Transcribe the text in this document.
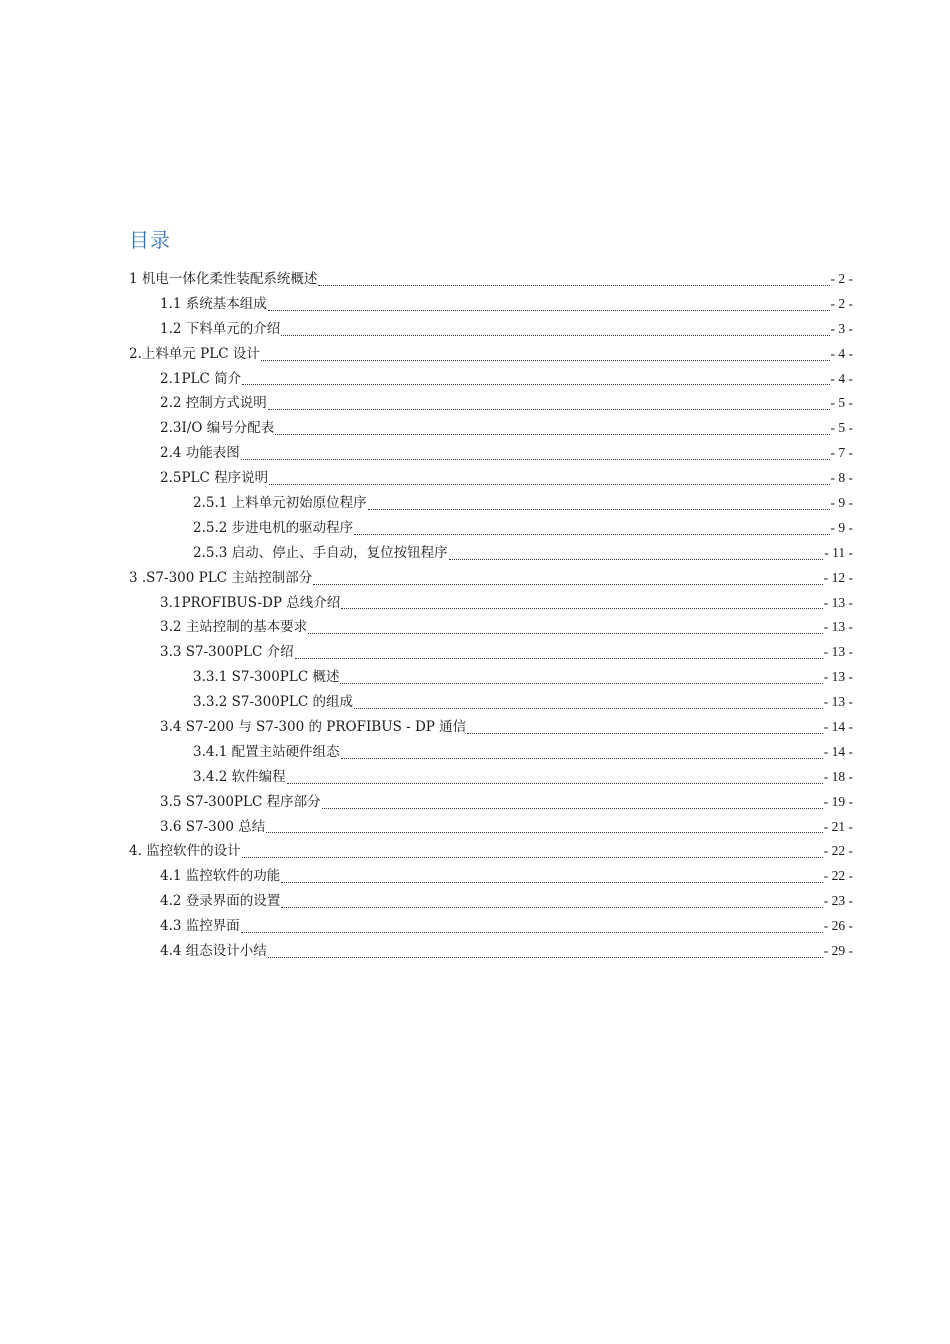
目录
1 机电一体化柔性装配系统概述	- 2 -
1.1 系统基本组成	- 2 -
1.2 下料单元的介绍	- 3 -
2.上料单元 PLC 设计	- 4 -
2.1PLC 简介	- 4 -
2.2 控制方式说明	- 5 -
2.3I/O 编号分配表	- 5 -
2.4 功能表图	- 7 -
2.5PLC 程序说明	- 8 -
2.5.1 上料单元初始原位程序	- 9 -
2.5.2 步进电机的驱动程序	- 9 -
2.5.3 启动、停止、手自动，复位按钮程序	- 11 -
3 .S7-300 PLC 主站控制部分	- 12 -
3.1PROFIBUS-DP 总线介绍	- 13 -
3.2 主站控制的基本要求	- 13 -
3.3 S7-300PLC 介绍	- 13 -
3.3.1 S7-300PLC 概述	- 13 -
3.3.2 S7-300PLC 的组成	- 13 -
3.4 S7-200 与 S7-300 的 PROFIBUS - DP 通信	- 14 -
3.4.1 配置主站硬件组态	- 14 -
3.4.2 软件编程	- 18 -
3.5 S7-300PLC 程序部分	- 19 -
3.6 S7-300 总结	- 21 -
4. 监控软件的设计	- 22 -
4.1 监控软件的功能	- 22 -
4.2 登录界面的设置	- 23 -
4.3 监控界面	- 26 -
4.4 组态设计小结	- 29 -
